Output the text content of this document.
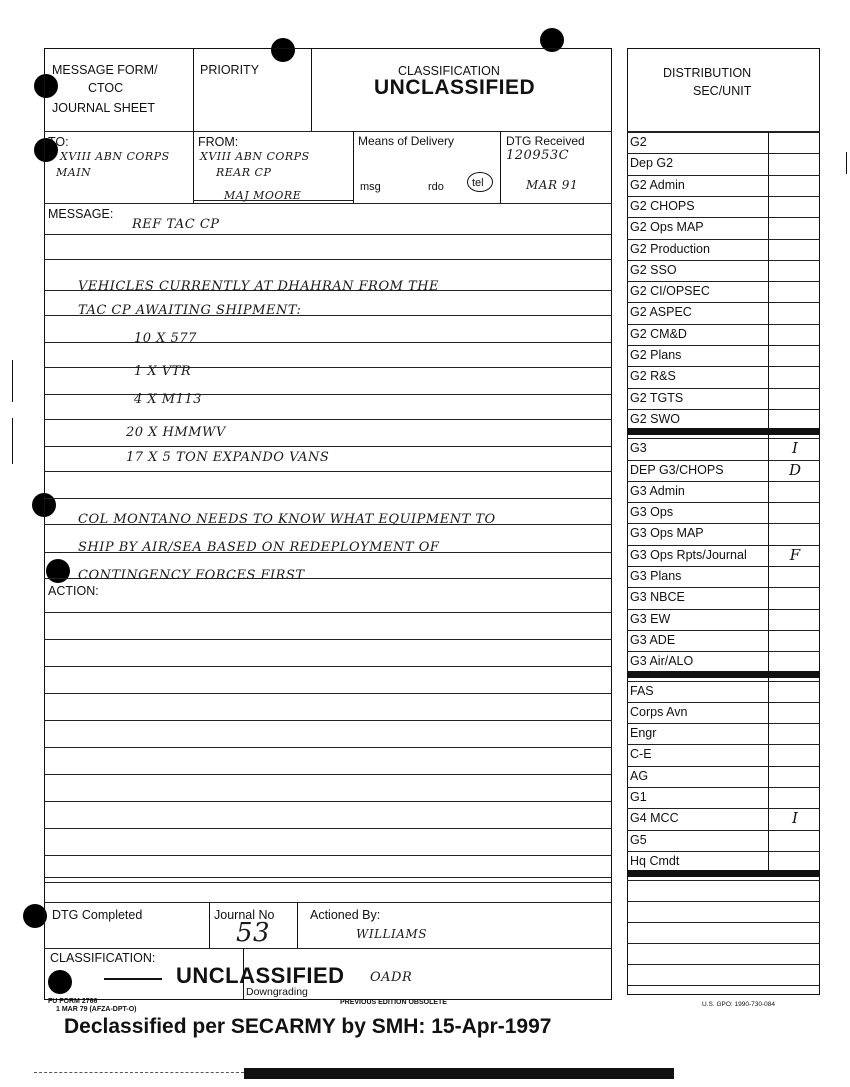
MESSAGE FORM/
CTOC
JOURNAL SHEET
PRIORITY	CLASSIFICATION
UNCLASSIFIED
TO:
XVIII ABN CORPS
MAIN
FROM:
XVIII ABN CORPS
REAR CP
MAJ MOORE
Means of Delivery
msg	rdo	tel
DTG Received
120953C
MAR 91
MESSAGE:
REF TAC CP
VEHICLES CURRENTLY AT DHAHRAN FROM THE
TAC CP AWAITING SHIPMENT:
10 X 577
1 X VTR
4 X M113
20 X HMMWV
17 X 5 TON EXPANDO VANS
COL MONTANO NEEDS TO KNOW WHAT EQUIPMENT TO
SHIP BY AIR/SEA BASED ON REDEPLOYMENT OF
CONTINGENCY FORCES FIRST
ACTION:
DTG Completed	Journal No
53
Actioned By:
WILLIAMS
CLASSIFICATION:
UNCLASSIFIED OADR
Downgrading
FU FORM 2766
1 MAR 79 (AFZA-DPT-O)
PREVIOUS EDITION OBSOLETE	U.S. GPO: 1990-730-084
Declassified per SECARMY by SMH: 15-Apr-1997
DISTRIBUTION
SEC/UNIT
G2
Dep G2
G2 Admin
G2 CHOPS
G2 Ops MAP
G2 Production
G2 SSO
G2 CI/OPSEC
G2 ASPEC
G2 CM&D
G2 Plans
G2 R&S
G2 TGTS
G2 SWO
G3	I
DEP G3/CHOPS	D
G3 Admin
G3 Ops
G3 Ops MAP
G3 Ops Rpts/Journal	F
G3 Plans
G3 NBCE
G3 EW
G3 ADE
G3 Air/ALO
FAS
Corps Avn
Engr
C-E
AG
G1
G4 MCC	I
G5
Hq Cmdt
